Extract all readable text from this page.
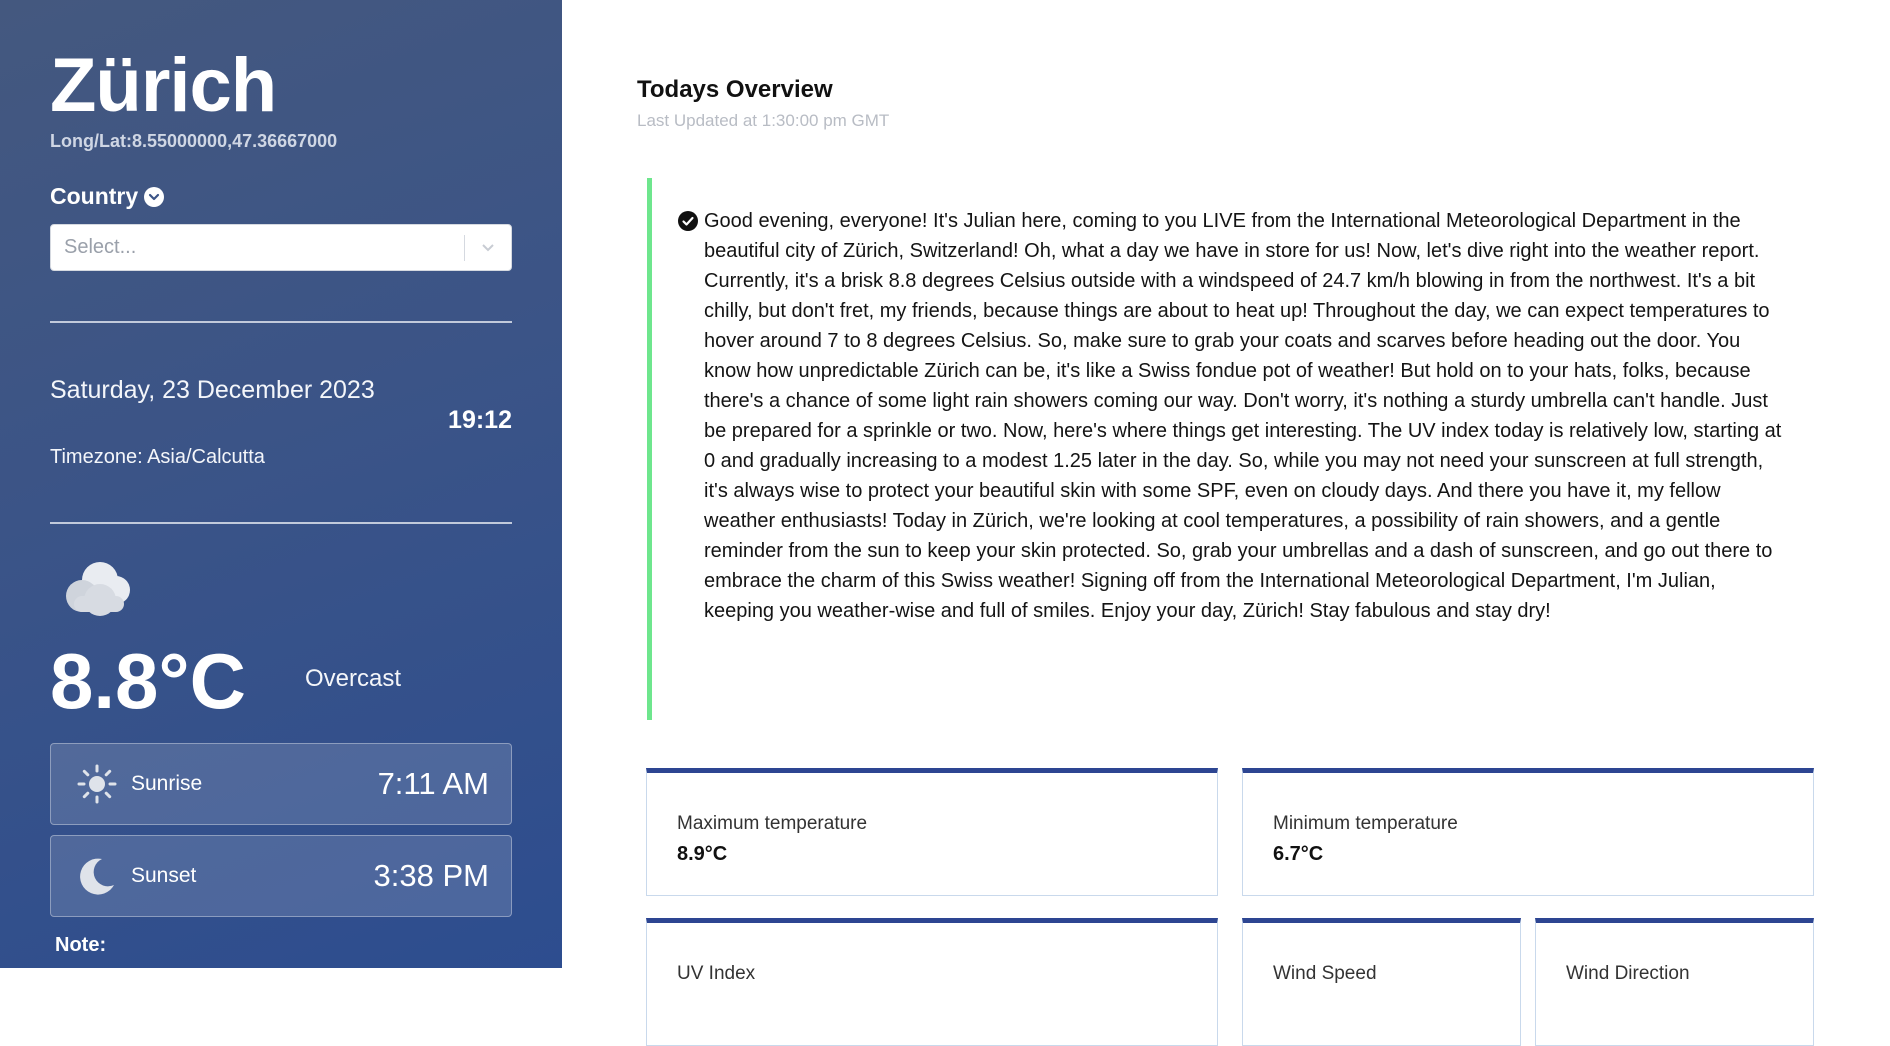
Zürich
Long/Lat:8.55000000,47.36667000
Country
Select...
Saturday, 23 December 2023
19:12
Timezone: Asia/Calcutta
8.8°C Overcast
Sunrise	7:11 AM
Sunset	3:38 PM
Note:
Todays Overview
Last Updated at 1:30:00 pm GMT

Good evening, everyone! It's Julian here, coming to you LIVE from the International Meteorological Department in the beautiful city of Zürich, Switzerland! Oh, what a day we have in store for us! Now, let's dive right into the weather report. Currently, it's a brisk 8.8 degrees Celsius outside with a windspeed of 24.7 km/h blowing in from the northwest. It's a bit chilly, but don't fret, my friends, because things are about to heat up! Throughout the day, we can expect temperatures to hover around 7 to 8 degrees Celsius. So, make sure to grab your coats and scarves before heading out the door. You know how unpredictable Zürich can be, it's like a Swiss fondue pot of weather! But hold on to your hats, folks, because there's a chance of some light rain showers coming our way. Don't worry, it's nothing a sturdy umbrella can't handle. Just be prepared for a sprinkle or two. Now, here's where things get interesting. The UV index today is relatively low, starting at 0 and gradually increasing to a modest 1.25 later in the day. So, while you may not need your sunscreen at full strength, it's always wise to protect your beautiful skin with some SPF, even on cloudy days. And there you have it, my fellow weather enthusiasts! Today in Zürich, we're looking at cool temperatures, a possibility of rain showers, and a gentle reminder from the sun to keep your skin protected. So, grab your umbrellas and a dash of sunscreen, and go out there to embrace the charm of this Swiss weather! Signing off from the International Meteorological Department, I'm Julian, keeping you weather-wise and full of smiles. Enjoy your day, Zürich! Stay fabulous and stay dry!

Maximum temperature
8.9°C
Minimum temperature
6.7°C
UV Index	Wind Speed	Wind Direction
